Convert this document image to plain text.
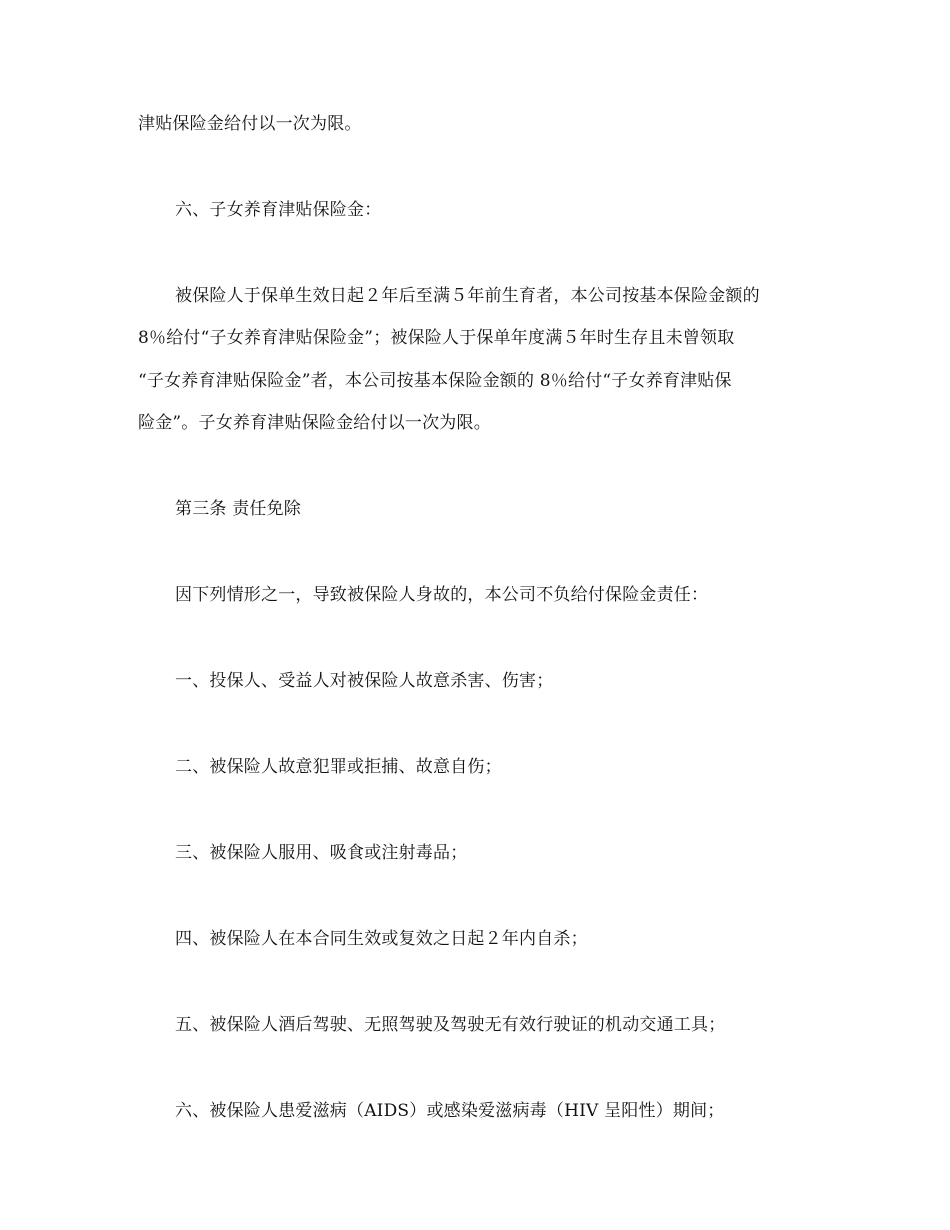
津贴保险金给付以一次为限。
六、子女养育津贴保险金：
被保险人于保单生效日起２年后至满５年前生育者，本公司按基本保险金额的
8％给付“子女养育津贴保险金”；被保险人于保单年度满５年时生存且未曾领取
“子女养育津贴保险金”者，本公司按基本保险金额的 8％给付“子女养育津贴保
险金”。子女养育津贴保险金给付以一次为限。
第三条 责任免除
因下列情形之一，导致被保险人身故的，本公司不负给付保险金责任：
一、投保人、受益人对被保险人故意杀害、伤害；
二、被保险人故意犯罪或拒捕、故意自伤；
三、被保险人服用、吸食或注射毒品；
四、被保险人在本合同生效或复效之日起２年内自杀；
五、被保险人酒后驾驶、无照驾驶及驾驶无有效行驶证的机动交通工具；
六、被保险人患爱滋病（AIDS）或感染爱滋病毒（HIV 呈阳性）期间；
